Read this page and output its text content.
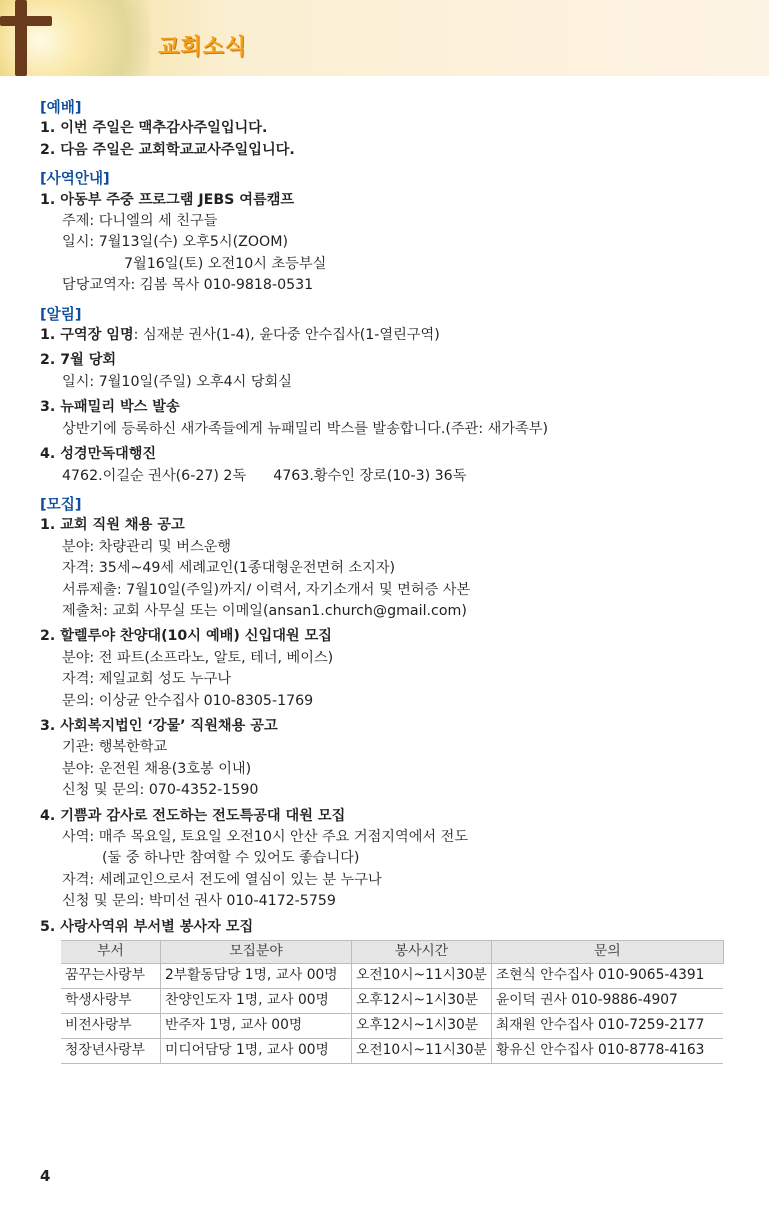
교회소식
[예배]
1. 이번 주일은 맥추감사주일입니다.
2. 다음 주일은 교회학교교사주일입니다.
[사역안내]
1. 아동부 주중 프로그램 JEBS 여름캠프
주제: 다니엘의 세 친구들
일시: 7월13일(수) 오후5시(ZOOM)
7월16일(토) 오전10시 초등부실
담당교역자: 김봄 목사 010-9818-0531
[알림]
1. 구역장 임명: 심재분 권사(1-4), 윤다중 안수집사(1-열린구역)
2. 7월 당회
일시: 7월10일(주일) 오후4시 당회실
3. 뉴패밀리 박스 발송
상반기에 등록하신 새가족들에게 뉴패밀리 박스를 발송합니다.(주관: 새가족부)
4. 성경만독대행진
4762.이길순 권사(6-27) 2독      4763.황수인 장로(10-3) 36독
[모집]
1. 교회 직원 채용 공고
분야: 차량관리 및 버스운행
자격: 35세~49세 세례교인(1종대형운전면허 소지자)
서류제출: 7월10일(주일)까지/ 이력서, 자기소개서 및 면허증 사본
제출처: 교회 사무실 또는 이메일(ansan1.church@gmail.com)
2. 할렐루야 찬양대(10시 예배) 신입대원 모집
분야: 전 파트(소프라노, 알토, 테너, 베이스)
자격: 제일교회 성도 누구나
문의: 이상균 안수집사 010-8305-1769
3. 사회복지법인 ‘강물’ 직원채용 공고
기관: 행복한학교
분야: 운전원 채용(3호봉 이내)
신청 및 문의: 070-4352-1590
4. 기쁨과 감사로 전도하는 전도특공대 대원 모집
사역: 매주 목요일, 토요일 오전10시 안산 주요 거점지역에서 전도
(둘 중 하나만 참여할 수 있어도 좋습니다)
자격: 세례교인으로서 전도에 열심이 있는 분 누구나
신청 및 문의: 박미선 권사 010-4172-5759
5. 사랑사역위 부서별 봉사자 모집
부서	모집분야	봉사시간	문의
꿈꾸는사랑부	2부활동담당 1명, 교사 00명	오전10시~11시30분	조현식 안수집사 010-9065-4391
학생사랑부	찬양인도자 1명, 교사 00명	오후12시~1시30분	윤이덕 권사 010-9886-4907
비전사랑부	반주자 1명, 교사 00명	오후12시~1시30분	최재원 안수집사 010-7259-2177
청장년사랑부	미디어담당 1명, 교사 00명	오전10시~11시30분	황유신 안수집사 010-8778-4163
4
